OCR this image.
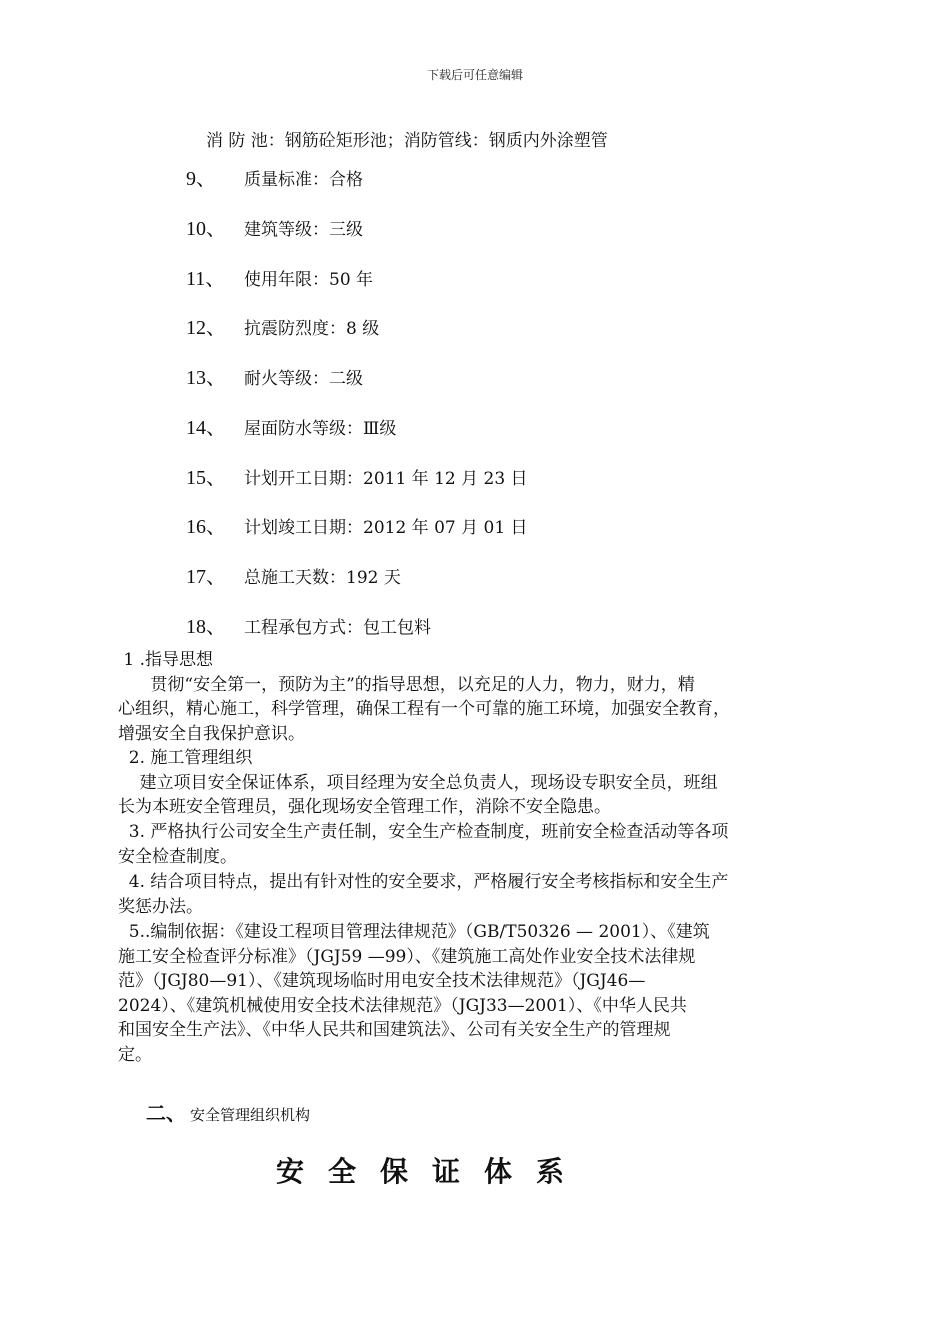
下载后可任意编辑
消 防 池：钢筋砼矩形池；消防管线：钢质内外涂塑管
9、 质量标准：合格
10、 建筑等级：三级
11、 使用年限：50 年
12、 抗震防烈度：8 级
13、 耐火等级：二级
14、 屋面防水等级：Ⅲ级
15、 计划开工日期：2011 年 12 月 23 日
16、 计划竣工日期：2012 年 07 月 01 日
17、 总施工天数：192 天
18、 工程承包方式：包工包料
1 .指导思想
贯彻“安全第一，预防为主”的指导思想，以充足的人力，物力，财力，精
心组织，精心施工，科学管理，确保工程有一个可靠的施工环境，加强安全教育，
增强安全自我保护意识。
2. 施工管理组织
建立项目安全保证体系，项目经理为安全总负责人，现场设专职安全员，班组
长为本班安全管理员，强化现场安全管理工作，消除不安全隐患。
3. 严格执行公司安全生产责任制，安全生产检查制度，班前安全检查活动等各项
安全检查制度。
4. 结合项目特点，提出有针对性的安全要求，严格履行安全考核指标和安全生产
奖惩办法。
5..编制依据：《建设工程项目管理法律规范》（GB/T50326 — 2001）、《建筑
施工安全检查评分标准》（JGJ59 —99）、《建筑施工高处作业安全技术法律规
范》（JGJ80—91）、《建筑现场临时用电安全技术法律规范》（JGJ46—
2024）、《建筑机械使用安全技术法律规范》（JGJ33—2001）、《中华人民共
和国安全生产法》、《中华人民共和国建筑法》、公司有关安全生产的管理规
定。
二、 安全管理组织机构
安全保证体系
